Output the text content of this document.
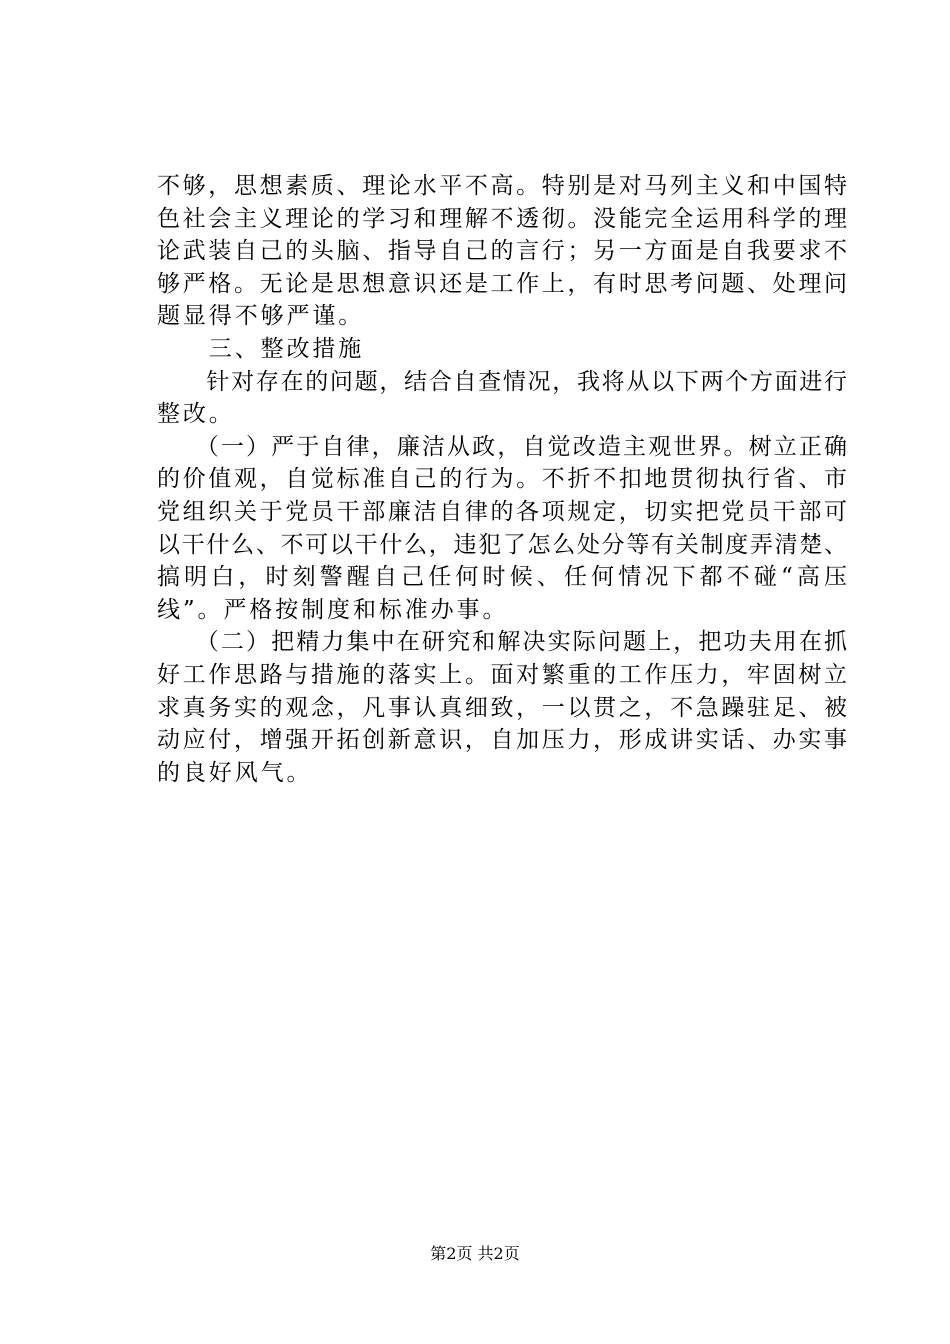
不够，思想素质、理论水平不高。特别是对马列主义和中国特
色社会主义理论的学习和理解不透彻。没能完全运用科学的理
论武装自己的头脑、指导自己的言行；另一方面是自我要求不
够严格。无论是思想意识还是工作上，有时思考问题、处理问
题显得不够严谨。
　　三、整改措施
　　针对存在的问题，结合自查情况，我将从以下两个方面进行
整改。
　　（一）严于自律，廉洁从政，自觉改造主观世界。树立正确
的价值观，自觉标准自己的行为。不折不扣地贯彻执行省、市
党组织关于党员干部廉洁自律的各项规定，切实把党员干部可
以干什么、不可以干什么，违犯了怎么处分等有关制度弄清楚、
搞明白，时刻警醒自己任何时候、任何情况下都不碰“高压
线”。严格按制度和标准办事。
　　（二）把精力集中在研究和解决实际问题上，把功夫用在抓
好工作思路与措施的落实上。面对繁重的工作压力，牢固树立
求真务实的观念，凡事认真细致，一以贯之，不急躁驻足、被
动应付，增强开拓创新意识，自加压力，形成讲实话、办实事
的良好风气。
第2页 共2页
